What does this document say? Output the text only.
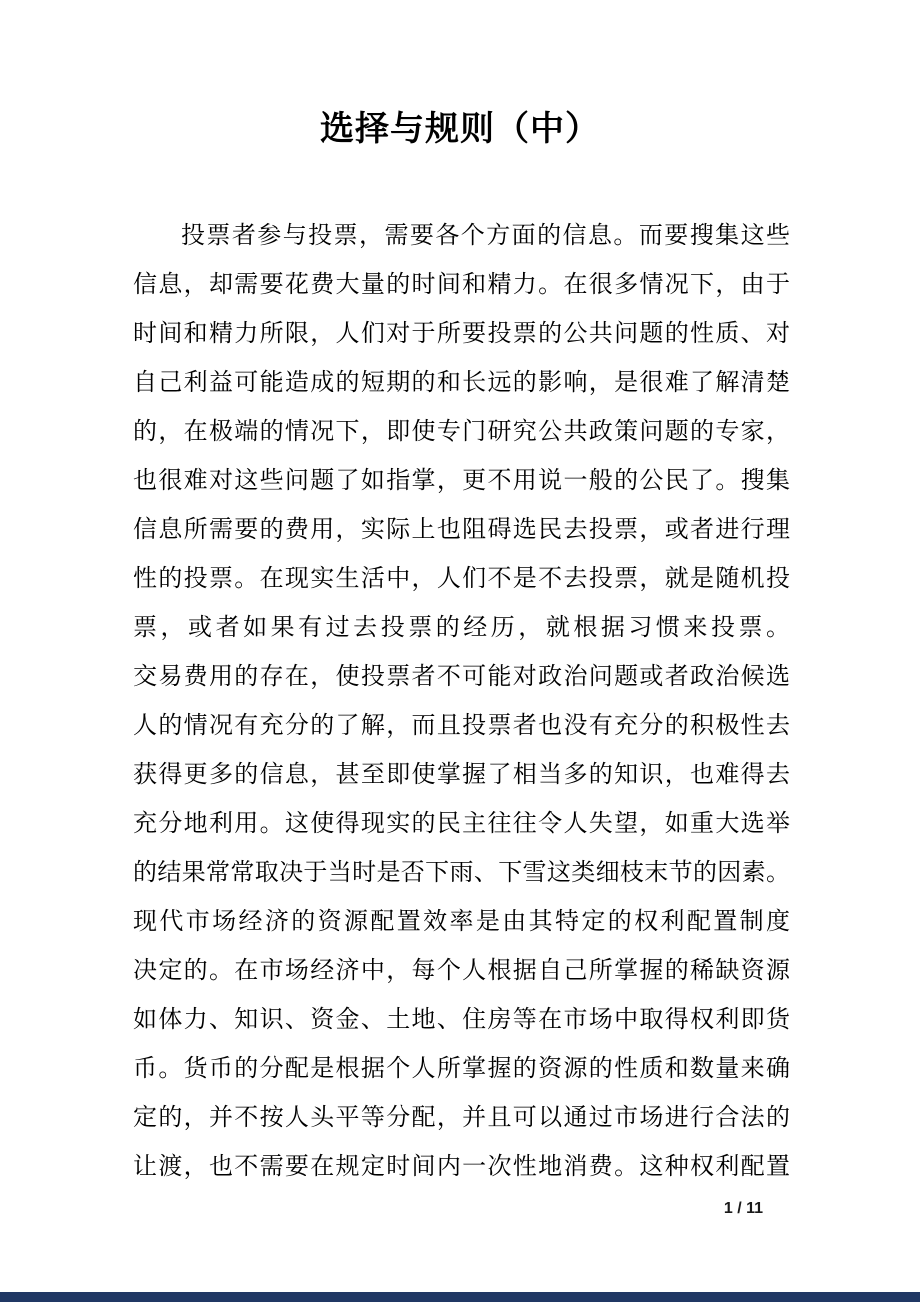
选择与规则（中）
投票者参与投票，需要各个方面的信息。而要搜集这些
信息，却需要花费大量的时间和精力。在很多情况下，由于
时间和精力所限，人们对于所要投票的公共问题的性质、对
自己利益可能造成的短期的和长远的影响，是很难了解清楚
的，在极端的情况下，即使专门研究公共政策问题的专家，
也很难对这些问题了如指掌，更不用说一般的公民了。搜集
信息所需要的费用，实际上也阻碍选民去投票，或者进行理
性的投票。在现实生活中，人们不是不去投票，就是随机投
票，或者如果有过去投票的经历，就根据习惯来投票。
交易费用的存在，使投票者不可能对政治问题或者政治候选
人的情况有充分的了解，而且投票者也没有充分的积极性去
获得更多的信息，甚至即使掌握了相当多的知识，也难得去
充分地利用。这使得现实的民主往往令人失望，如重大选举
的结果常常取决于当时是否下雨、下雪这类细枝末节的因素。
现代市场经济的资源配置效率是由其特定的权利配置制度
决定的。在市场经济中，每个人根据自己所掌握的稀缺资源
如体力、知识、资金、土地、住房等在市场中取得权利即货
币。货币的分配是根据个人所掌握的资源的性质和数量来确
定的，并不按人头平等分配，并且可以通过市场进行合法的
让渡，也不需要在规定时间内一次性地消费。这种权利配置
1 / 11
